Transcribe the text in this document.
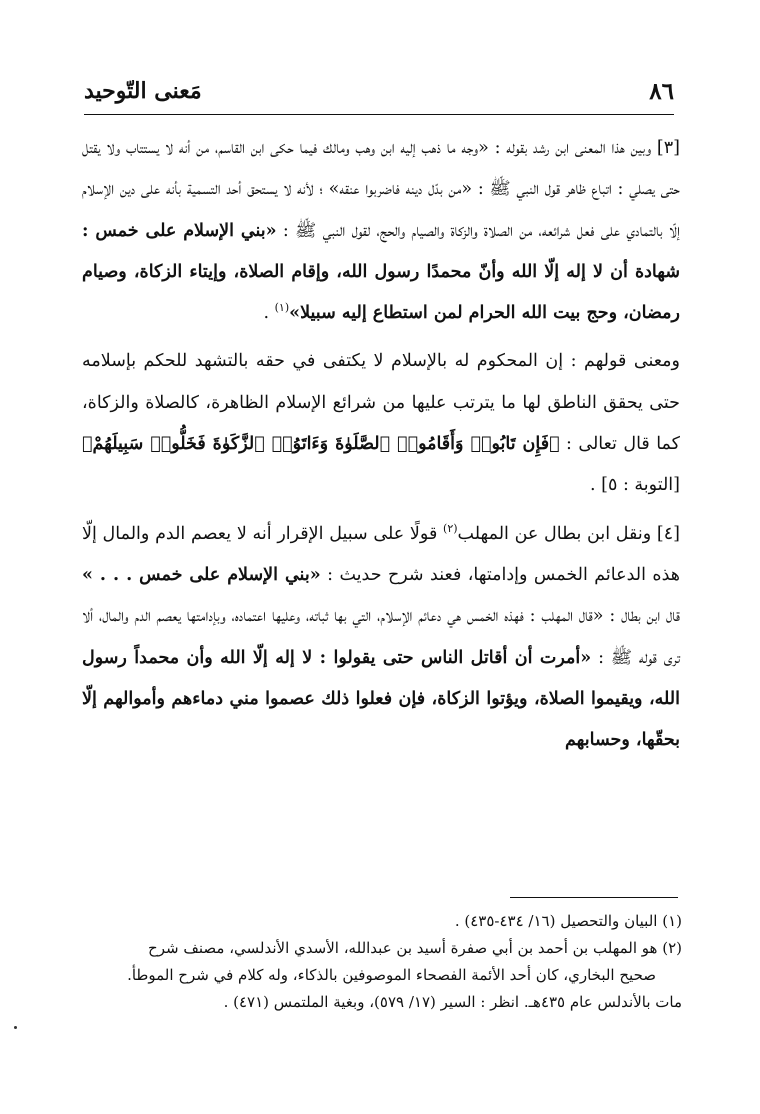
٨٦
مَعنى التّوحيد

[٣] وبين هذا المعنى ابن رشد بقوله : «وجه ما ذهب إليه ابن وهب ومالك فيما حكى ابن القاسم، من أنه لا يستتاب ولا يقتل حتى يصلي : اتباع ظاهر قول النبي ﷺ : «من بدّل دينه فاضربوا عنقه» ؛ لأنه لا يستحق أحد التسمية بأنه على دين الإسلام إلّا بالتمادي على فعل شرائعه، من الصلاة والزكاة والصيام والحج، لقول النبي ﷺ : «بني الإسلام على خمس : شهادة أن لا إله إلّا الله وأنّ محمدًا رسول الله، وإقام الصلاة، وإيتاء الزكاة، وصيام رمضان، وحج بيت الله الحرام لمن استطاع إليه سبيلا»$^{(١)}$ .

ومعنى قولهم : إن المحكوم له بالإسلام لا يكتفى في حقه بالتشهد للحكم بإسلامه حتى يحقق الناطق لها ما يترتب عليها من شرائع الإسلام الظاهرة، كالصلاة والزكاة، كما قال تعالى : ﴿فَإِن تَابُوا۟ وَأَقَامُوا۟ ٱلصَّلَوٰةَ وَءَاتَوُا۟ ٱلزَّكَوٰةَ فَخَلُّوا۟ سَبِيلَهُمْ﴾ [التوبة : ٥] .

[٤] ونقل ابن بطال عن المهلب$^{(٢)}$ قولًا على سبيل الإقرار أنه لا يعصم الدم والمال إلّا هذه الدعائم الخمس وإدامتها، فعند شرح حديث : «بني الإسلام على خمس . . . » قال ابن بطال : «قال المهلب : فهذه الخمس هي دعائم الإسلام، التي بها ثباته، وعليها اعتماده، وبإدامتها يعصم الدم والمال، ألا ترى قوله ﷺ : «أمرت أن أقاتل الناس حتى يقولوا : لا إله إلّا الله وأن محمداً رسول الله، ويقيموا الصلاة، ويؤتوا الزكاة، فإن فعلوا ذلك عصموا مني دماءهم وأموالهم إلّا بحقّها، وحسابهم

(١) البيان والتحصيل (١٦/ ٤٣٤-٤٣٥) .

(٢) هو المهلب بن أحمد بن أبي صفرة أسيد بن عبدالله، الأسدي الأندلسي، مصنف شرح

صحيح البخاري، كان أحد الأئمة الفصحاء الموصوفين بالذكاء، وله كلام في شرح الموطأ.

مات بالأندلس عام ٤٣٥هـ. انظر : السير (١٧/ ٥٧٩)، وبغية الملتمس (٤٧١) .
